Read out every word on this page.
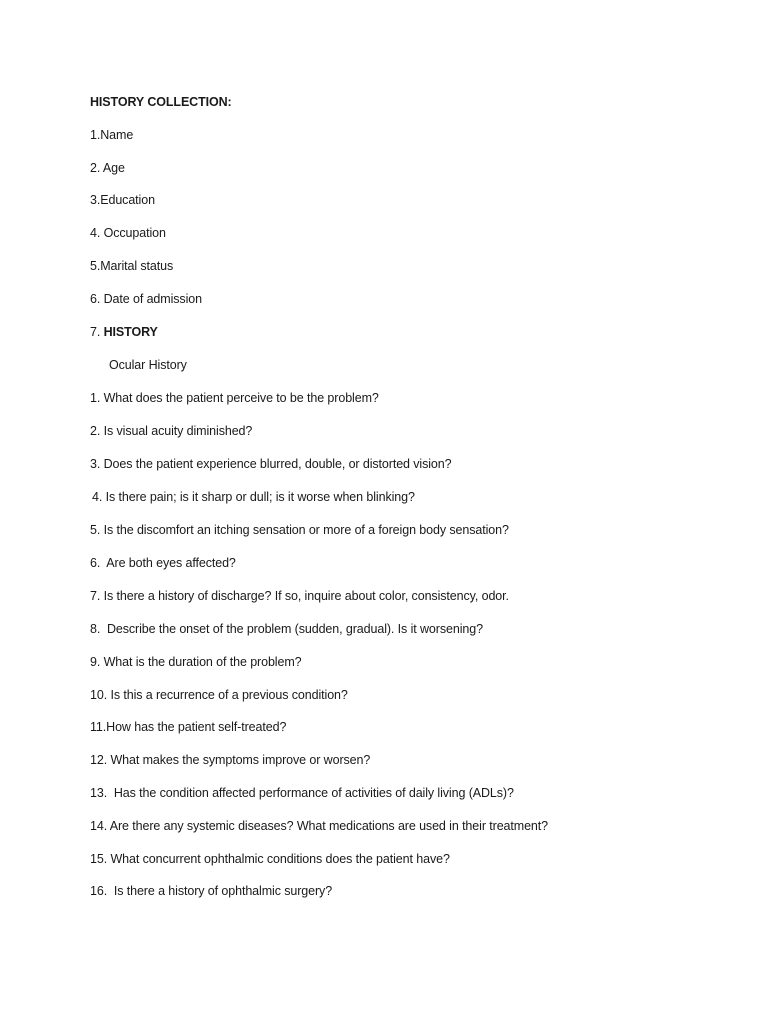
HISTORY COLLECTION:
1.Name
2. Age
3.Education
4. Occupation
5.Marital status
6. Date of admission
7. HISTORY
Ocular History
1. What does the patient perceive to be the problem?
2. Is visual acuity diminished?
3. Does the patient experience blurred, double, or distorted vision?
4. Is there pain; is it sharp or dull; is it worse when blinking?
5. Is the discomfort an itching sensation or more of a foreign body sensation?
6.  Are both eyes affected?
7. Is there a history of discharge? If so, inquire about color, consistency, odor.
8.  Describe the onset of the problem (sudden, gradual). Is it worsening?
9. What is the duration of the problem?
10. Is this a recurrence of a previous condition?
11.How has the patient self-treated?
12. What makes the symptoms improve or worsen?
13.  Has the condition affected performance of activities of daily living (ADLs)?
14. Are there any systemic diseases? What medications are used in their treatment?
15. What concurrent ophthalmic conditions does the patient have?
16.  Is there a history of ophthalmic surgery?
